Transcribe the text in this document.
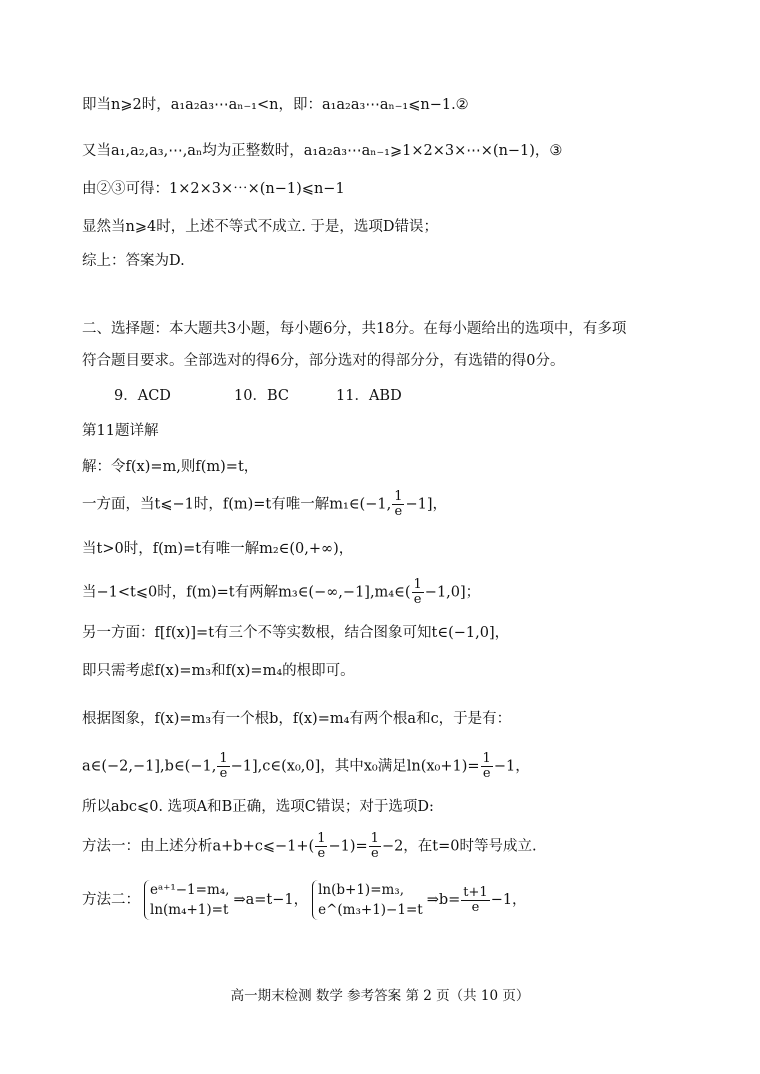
即当n⩾2时，a₁a₂a₃⋯aₙ₋₁<n，即：a₁a₂a₃⋯aₙ₋₁⩽n−1.②
又当a₁,a₂,a₃,⋯,aₙ均为正整数时，a₁a₂a₃⋯aₙ₋₁⩾1×2×3×⋯×(n−1)，③
由②③可得：1×2×3×⋯×(n−1)⩽n−1
显然当n⩾4时，上述不等式不成立. 于是，选项D错误；
综上：答案为D.
二、选择题：本大题共3小题，每小题6分，共18分。在每小题给出的选项中，有多项
符合题目要求。全部选对的得6分，部分选对的得部分分，有选错的得0分。
9．ACD	10．BC	11．ABD
第11题详解
解：令f(x)=m,则f(m)=t，
一方面，当t⩽−1时，f(m)=t有唯一解m₁∈(−1, $\frac{1}{e} -1$]，
当t>0时，f(m)=t有唯一解m₂∈(0,+∞)，
当−1<t⩽0时，f(m)=t有两解m₃∈(−∞,−1],m₄∈( $\frac{1}{e} -1,0$]；
另一方面：f[f(x)]=t有三个不等实数根，结合图象可知t∈(−1,0]，
即只需考虑f(x)=m₃和f(x)=m₄的根即可。
根据图象，f(x)=m₃有一个根b，f(x)=m₄有两个根a和c，于是有：
a∈(−2,−1],b∈(−1, $\frac{1}{e}$ −1],c∈(x₀,0]，其中x₀满足$\ln(x_0+1)= \frac{1}{e} -1$，
所以abc⩽0. 选项A和B正确，选项C错误；对于选项D:
方法一：由上述分析a+b+c⩽−1+( $\frac{1}{e} -1)= \frac{1}{e} -2$，在t=0时等号成立.
方法二：
eᵃ⁺¹−1=m₄,
ln(m₄+1)=t
⇒a=t−1，
ln(b+1)=m₃,
e^(m₃+1)−1=t
⇒b= $\frac{t+1}{e} -1$，
高一期末检测 数学 参考答案 第 2 页（共 10 页）
